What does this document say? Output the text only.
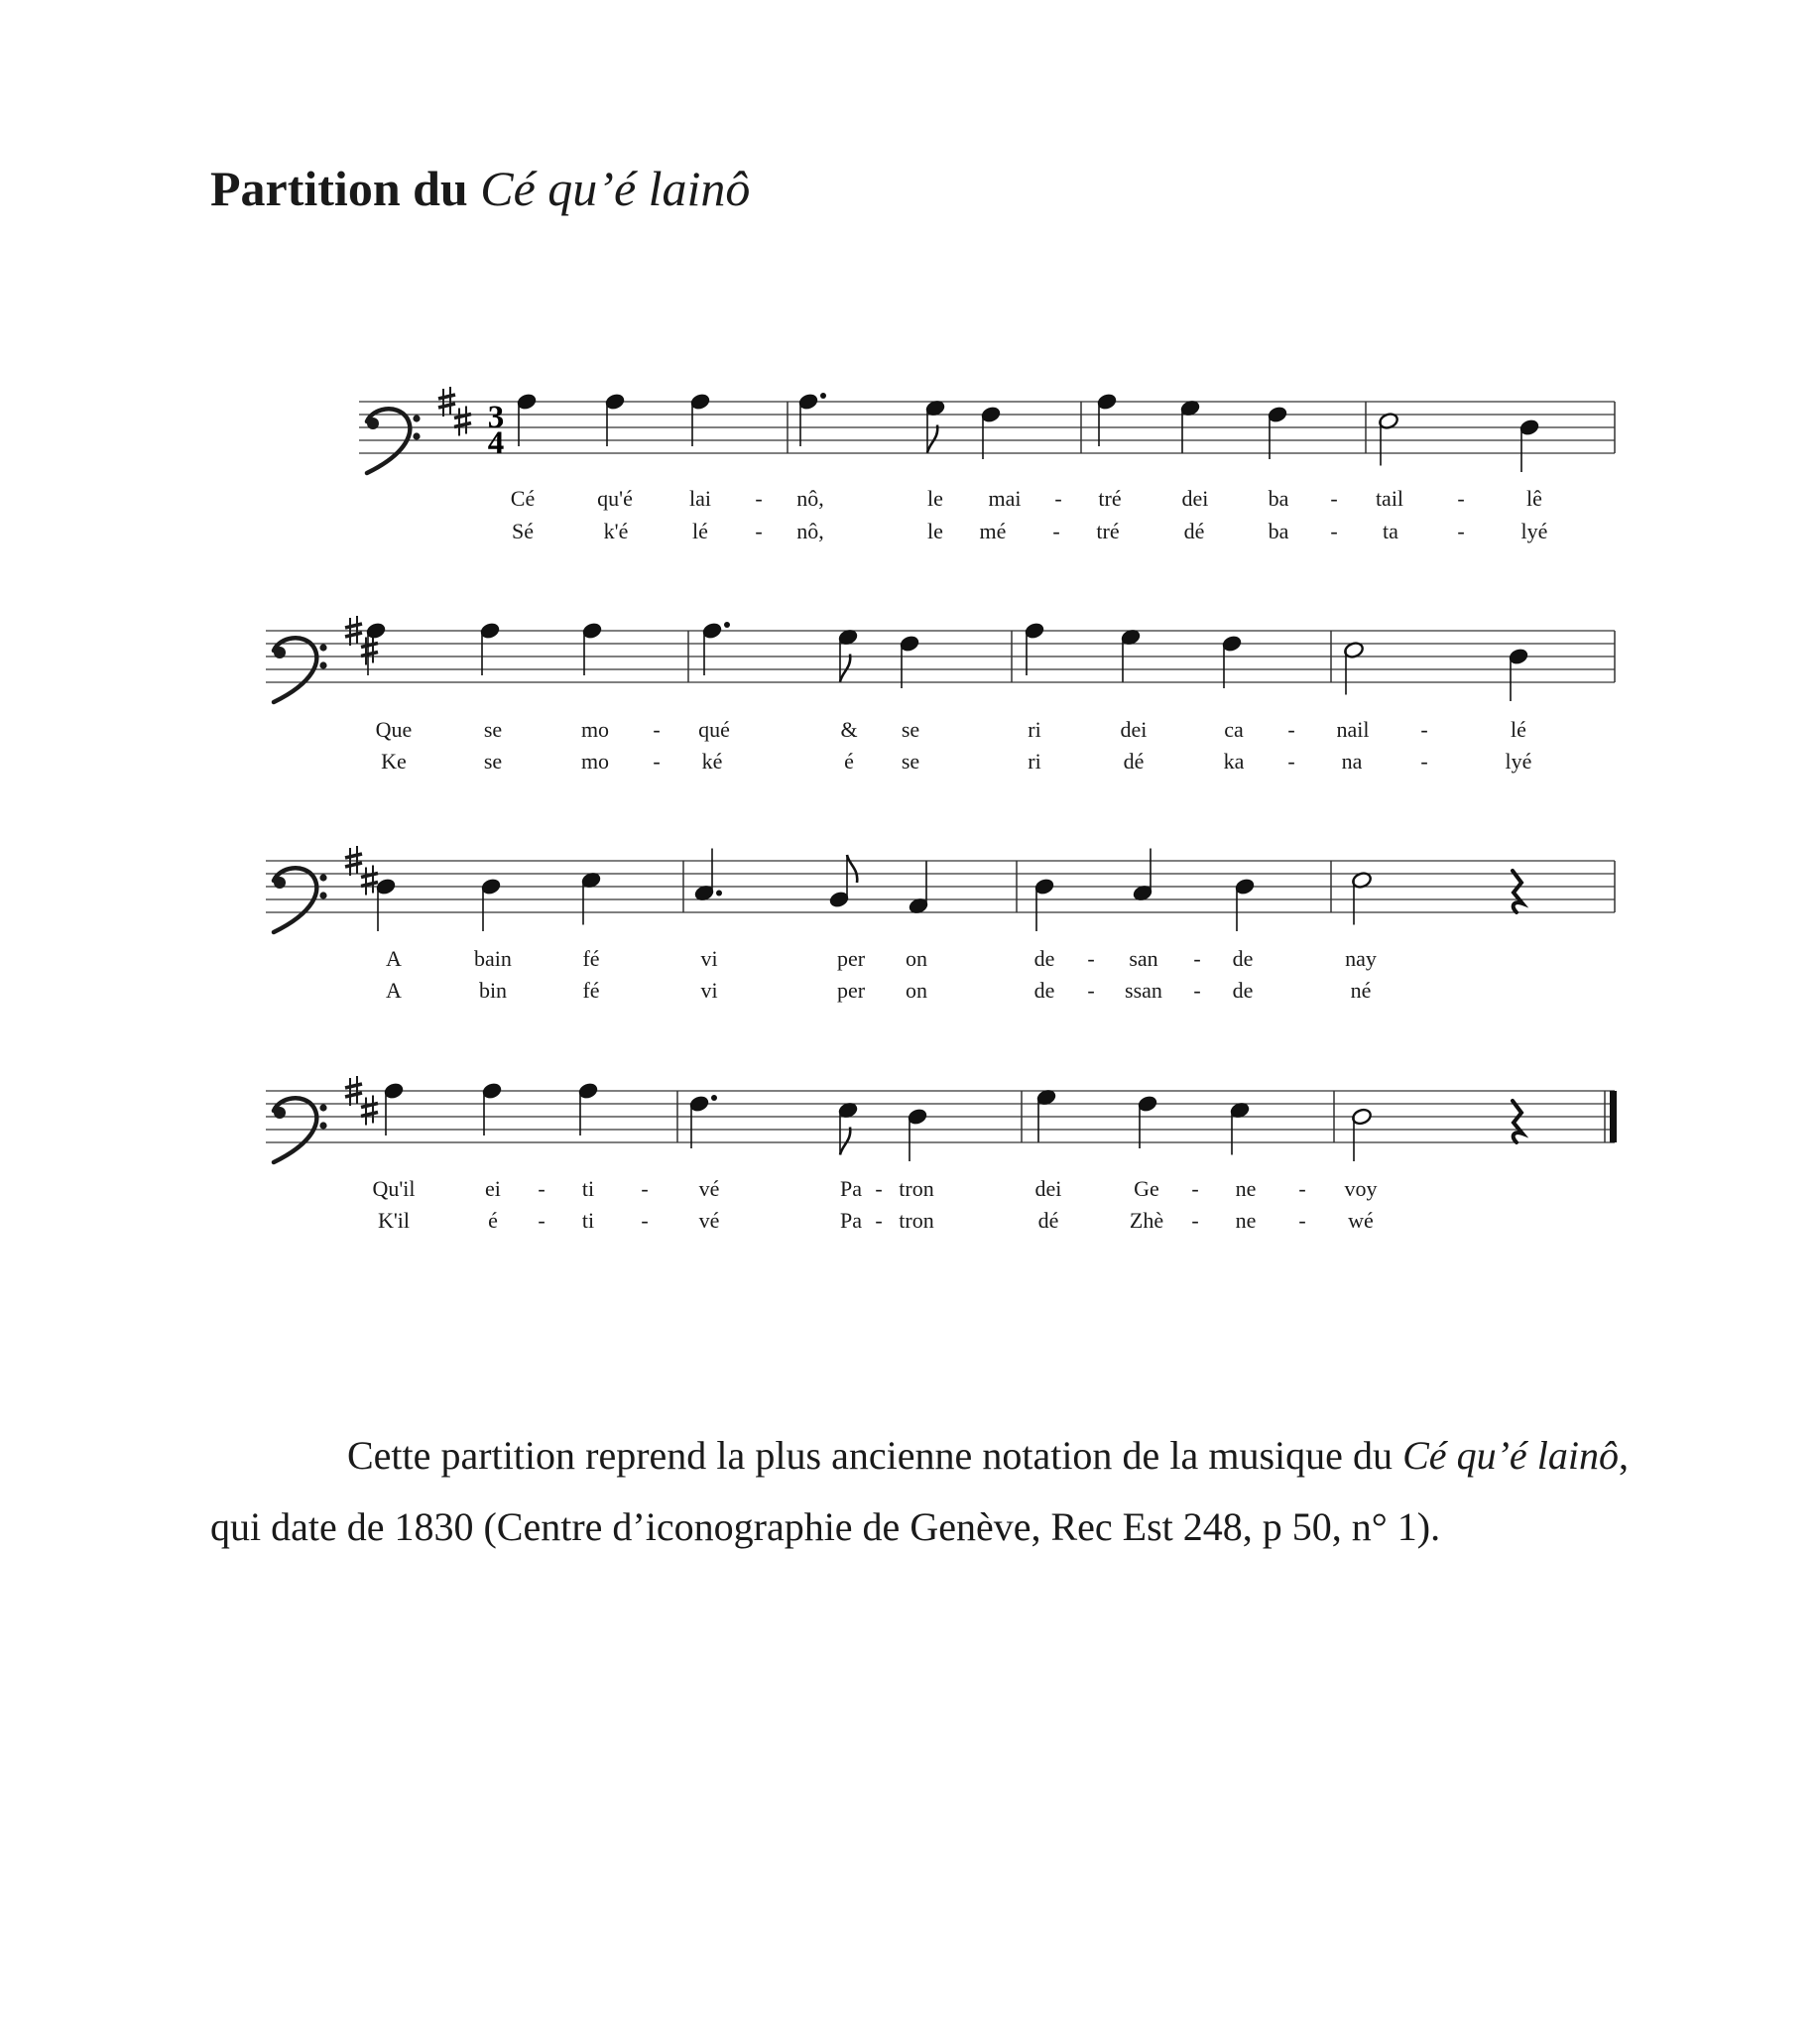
Partition du Cé qu’é lainô
3
4
Cé	qu'é	lai - nô,	le mai - tré	dei	ba - tail -	lê
Sé	k'é	lé - nô,	le mé - tré	dé	ba - ta	-	lyé
Que	se	mo - qué	& se	ri	dei	ca - nail -	lé
Ke	se	mo - ké	é se	ri	dé	ka - na	-	lyé
A	bain	fé	vi	per on	de - san - de	nay
A	bin	fé	vi	per on	de - ssan - de	né
Qu'il	ei - ti - vé	Pa - tron	dei	Ge - ne - voy
K'il	é - ti - vé	Pa - tron	dé	Zhè - ne - wé
Cette partition reprend la plus ancienne notation de la musique du Cé qu’é lainô, qui date de 1830 (Centre d’iconographie de Genève, Rec Est 248, p 50, n° 1).
